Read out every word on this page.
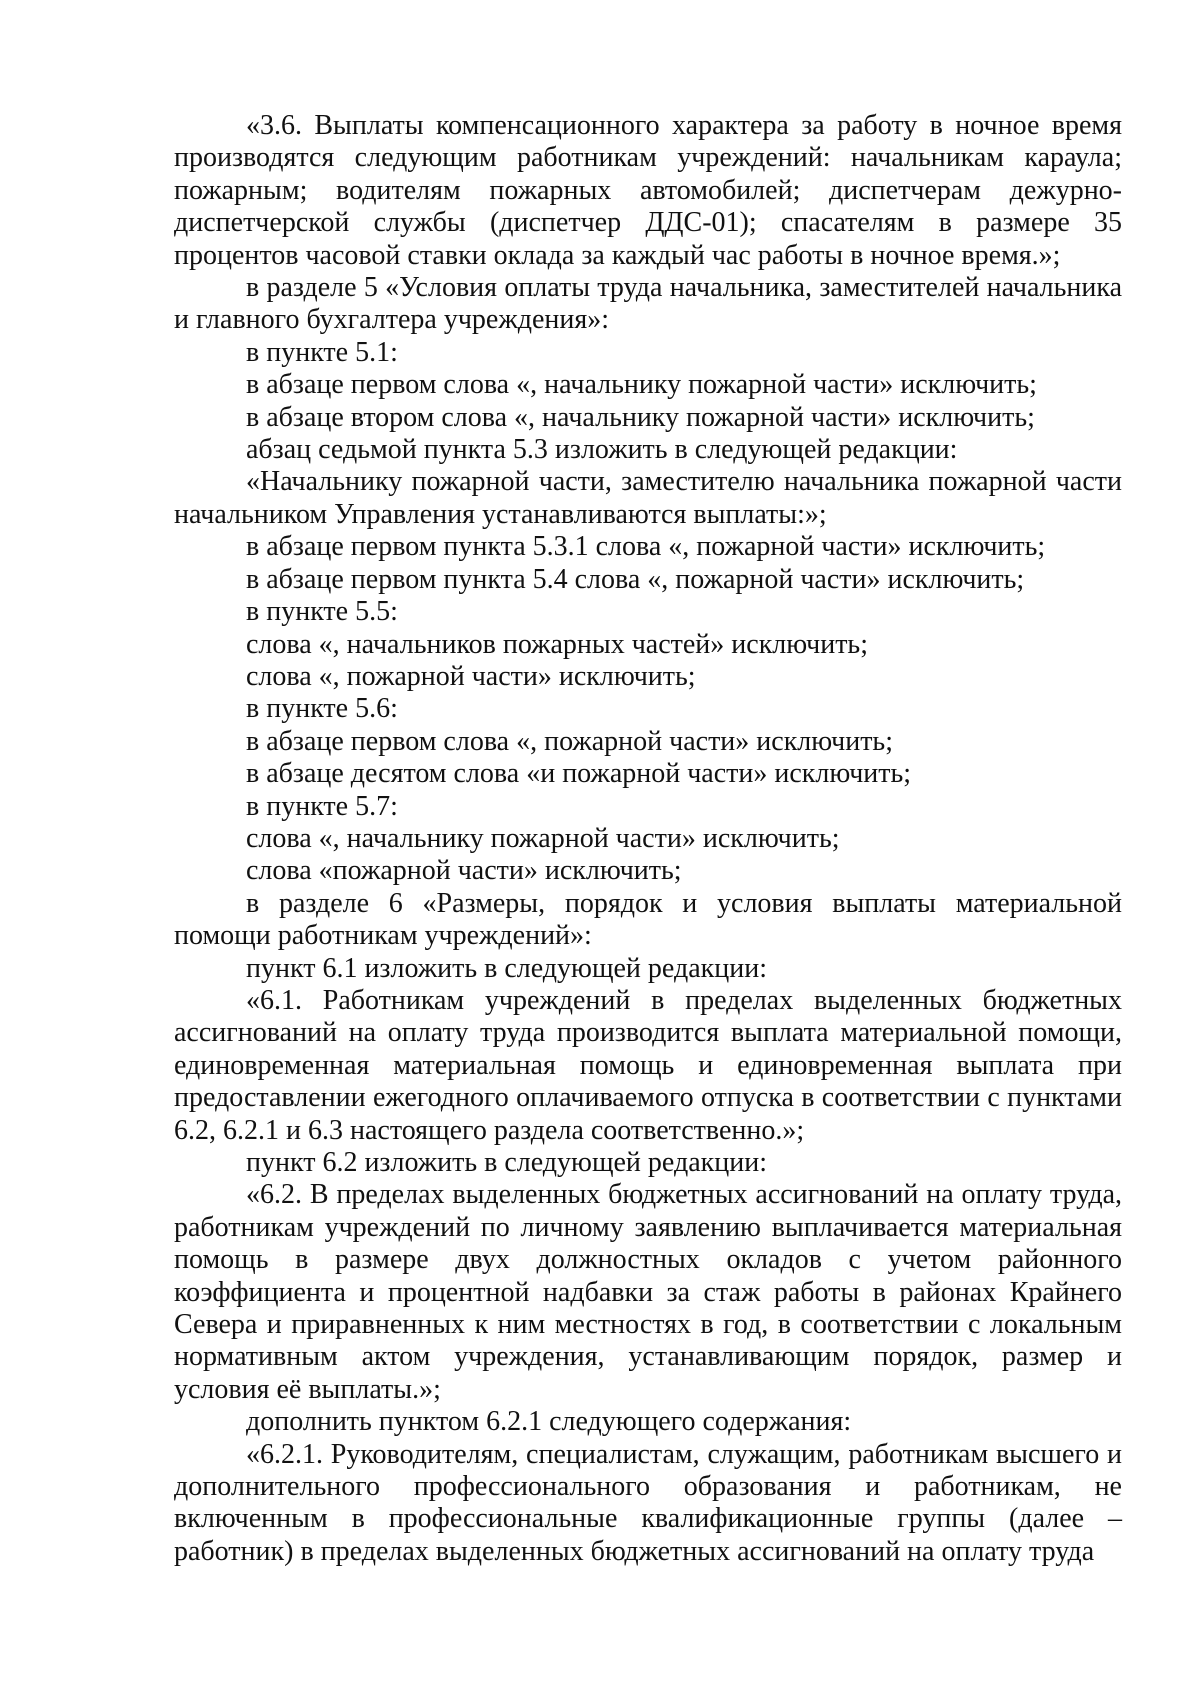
«3.6. Выплаты компенсационного характера за работу в ночное время производятся следующим работникам учреждений: начальникам караула; пожарным; водителям пожарных автомобилей; диспетчерам дежурно-диспетчерской службы (диспетчер ДДС-01); спасателям в размере 35 процентов часовой ставки оклада за каждый час работы в ночное время.»;

в разделе 5 «Условия оплаты труда начальника, заместителей начальника и главного бухгалтера учреждения»:

в пункте 5.1:

в абзаце первом слова «, начальнику пожарной части» исключить;

в абзаце втором слова «, начальнику пожарной части» исключить;

абзац седьмой пункта 5.3 изложить в следующей редакции:

«Начальнику пожарной части, заместителю начальника пожарной части начальником Управления устанавливаются выплаты:»;

в абзаце первом пункта 5.3.1 слова «, пожарной части» исключить;

в абзаце первом пункта 5.4 слова «, пожарной части» исключить;

в пункте 5.5:

слова «, начальников пожарных частей» исключить;

слова «, пожарной части» исключить;

в пункте 5.6:

в абзаце первом слова «, пожарной части» исключить;

в абзаце десятом слова «и пожарной части» исключить;

в пункте 5.7:

слова «, начальнику пожарной части» исключить;

слова «пожарной части» исключить;

в разделе 6 «Размеры, порядок и условия выплаты материальной помощи работникам учреждений»:

пункт 6.1 изложить в следующей редакции:

«6.1. Работникам учреждений в пределах выделенных бюджетных ассигнований на оплату труда производится выплата материальной помощи, единовременная материальная помощь и единовременная выплата при предоставлении ежегодного оплачиваемого отпуска в соответствии с пунктами 6.2, 6.2.1 и 6.3 настоящего раздела соответственно.»;

пункт 6.2 изложить в следующей редакции:

«6.2. В пределах выделенных бюджетных ассигнований на оплату труда, работникам учреждений по личному заявлению выплачивается материальная помощь в размере двух должностных окладов с учетом районного коэффициента и процентной надбавки за стаж работы в районах Крайнего Севера и приравненных к ним местностях в год, в соответствии с локальным нормативным актом учреждения, устанавливающим порядок, размер и условия её выплаты.»;

дополнить пунктом 6.2.1 следующего содержания:

«6.2.1. Руководителям, специалистам, служащим, работникам высшего и дополнительного профессионального образования и работникам, не включенным в профессиональные квалификационные группы (далее – работник) в пределах выделенных бюджетных ассигнований на оплату труда
